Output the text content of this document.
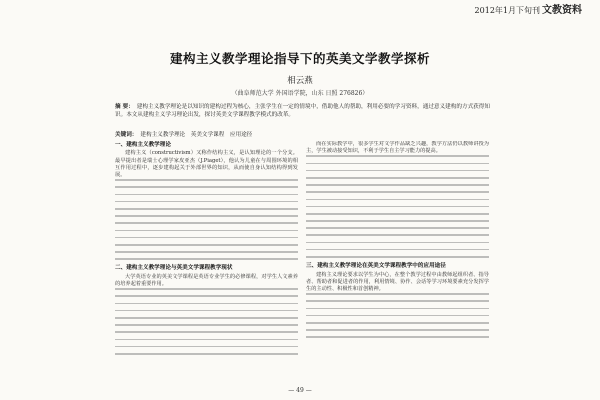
2012年1月下旬刊 文教资料
建构主义教学理论指导下的英美文学教学探析
相云燕
（曲阜师范大学 外国语学院，山东 日照 276826）
摘 要： 建构主义教学理论是以知识的建构过程为核心，主张学生在一定的情境中，借助他人的帮助，利用必要的学习资料，通过意义建构的方式获得知识。本文从建构主义学习理论出发，探讨英美文学课程教学模式的改革。
关键词： 建构主义教学理论　英美文学课程　应用途径
一、建构主义教学理论

建构主义（constructivism）又称作结构主义，是认知理论的一个分支。最早提出者是瑞士心理学家皮亚杰（J.Piaget），他认为儿童在与周围环境的相互作用过程中，逐步建构起关于外部世界的知识，从而使自身认知结构得到发展。

二、建构主义教学理论与英美文学课程教学现状

大学英语专业的英美文学课程是英语专业学生的必修课程，对学生人文素养的培养起着重要作用。

而在实际教学中，很多学生对文学作品缺乏兴趣，教学方法仍以教师讲授为主，学生被动接受知识，不利于学生自主学习能力的提高。

三、建构主义教学理论在英美文学课程教学中的应用途径

建构主义理论要求以学生为中心，在整个教学过程中由教师起组织者、指导者、帮助者和促进者的作用，利用情境、协作、会话等学习环境要素充分发挥学生的主动性、积极性和首创精神。

— 49 —
